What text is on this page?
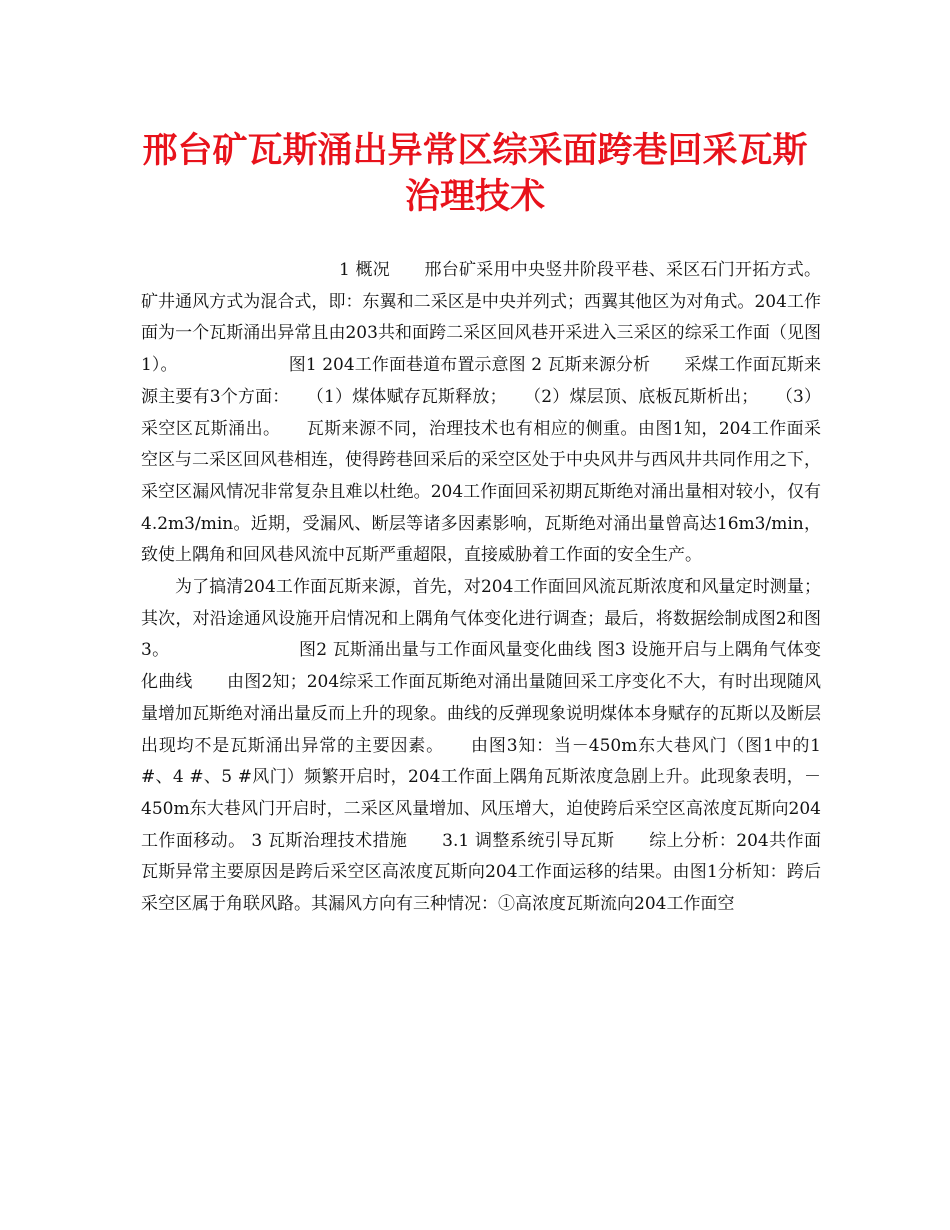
邢台矿瓦斯涌出异常区综采面跨巷回采瓦斯
治理技术

1 概况　　邢台矿采用中央竖井阶段平巷、采区石门开拓方式。矿井通风方式为混合式，即：东翼和二采区是中央并列式；西翼其他区为对角式。204工作面为一个瓦斯涌出异常且由203共和面跨二采区回风巷开采进入三采区的综采工作面（见图1）。　　　　　　　图1 204工作面巷道布置示意图 2 瓦斯来源分析　　采煤工作面瓦斯来源主要有3个方面：　　（1）煤体赋存瓦斯释放；　　（2）煤层顶、底板瓦斯析出；　　（3）采空区瓦斯涌出。　　瓦斯来源不同，治理技术也有相应的侧重。由图1知，204工作面采空区与二采区回风巷相连，使得跨巷回采后的采空区处于中央风井与西风井共同作用之下，采空区漏风情况非常复杂且难以杜绝。204工作面回采初期瓦斯绝对涌出量相对较小，仅有4.2m3/min。近期，受漏风、断层等诸多因素影响，瓦斯绝对涌出量曾高达16m3/min，致使上隅角和回风巷风流中瓦斯严重超限，直接威胁着工作面的安全生产。

为了搞清204工作面瓦斯来源，首先，对204工作面回风流瓦斯浓度和风量定时测量；其次，对沿途通风设施开启情况和上隅角气体变化进行调查；最后，将数据绘制成图2和图3。　　　　　　　　图2 瓦斯涌出量与工作面风量变化曲线 图3 设施开启与上隅角气体变化曲线　　由图2知；204综采工作面瓦斯绝对涌出量随回采工序变化不大，有时出现随风量增加瓦斯绝对涌出量反而上升的现象。曲线的反弹现象说明煤体本身赋存的瓦斯以及断层出现均不是瓦斯涌出异常的主要因素。　　由图3知：当－450m东大巷风门（图1中的1 #、4 #、5 #风门）频繁开启时，204工作面上隅角瓦斯浓度急剧上升。此现象表明，－450m东大巷风门开启时，二采区风量增加、风压增大，迫使跨后采空区高浓度瓦斯向204工作面移动。 3 瓦斯治理技术措施　　3.1 调整系统引导瓦斯　　综上分析：204共作面瓦斯异常主要原因是跨后采空区高浓度瓦斯向204工作面运移的结果。由图1分析知：跨后采空区属于角联风路。其漏风方向有三种情况：①高浓度瓦斯流向204工作面空
